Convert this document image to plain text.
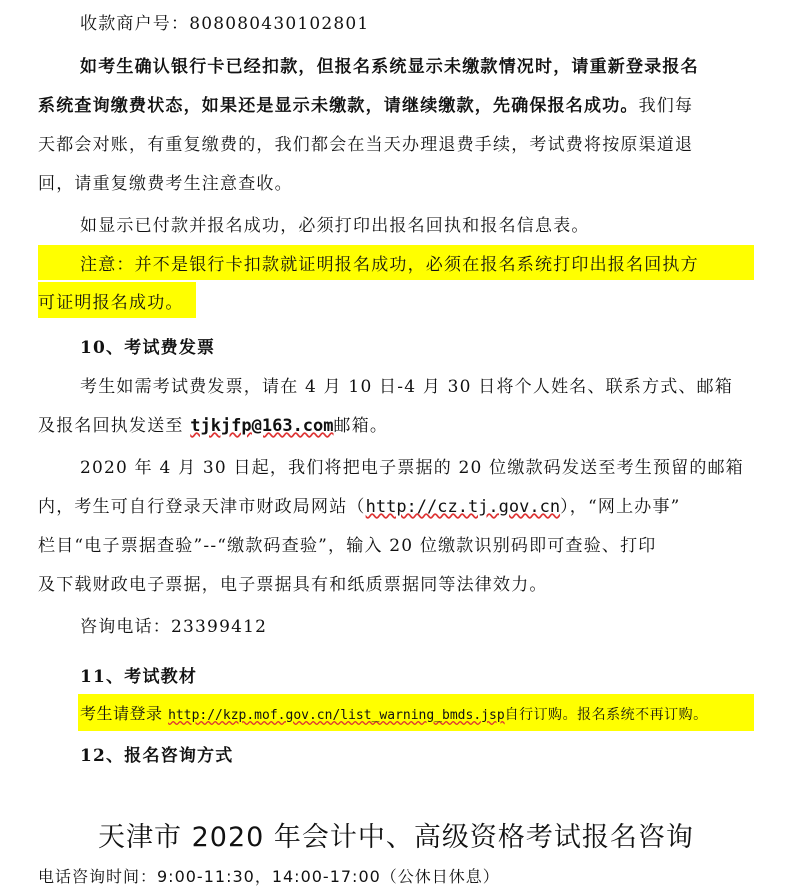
收款商户号：808080430102801
如考生确认银行卡已经扣款，但报名系统显示未缴款情况时，请重新登录报名
系统查询缴费状态，如果还是显示未缴款，请继续缴款，先确保报名成功。我们每
天都会对账，有重复缴费的，我们都会在当天办理退费手续，考试费将按原渠道退
回，请重复缴费考生注意查收。
如显示已付款并报名成功，必须打印出报名回执和报名信息表。
注意：并不是银行卡扣款就证明报名成功，必须在报名系统打印出报名回执方
可证明报名成功。
10、考试费发票
考生如需考试费发票，请在 4 月 10 日-4 月 30 日将个人姓名、联系方式、邮箱
及报名回执发送至 tjkjfp@163.com邮箱。
2020 年 4 月 30 日起，我们将把电子票据的 20 位缴款码发送至考生预留的邮箱
内，考生可自行登录天津市财政局网站（http://cz.tj.gov.cn），“网上办事”
栏目“电子票据查验”--“缴款码查验”，输入 20 位缴款识别码即可查验、打印
及下载财政电子票据，电子票据具有和纸质票据同等法律效力。
咨询电话：23399412
11、考试教材
考生请登录 http://kzp.mof.gov.cn/list_warning_bmds.jsp自行订购。报名系统不再订购。
12、报名咨询方式
天津市 2020 年会计中、高级资格考试报名咨询
电话咨询时间：9:00-11:30，14:00-17:00（公休日休息）
